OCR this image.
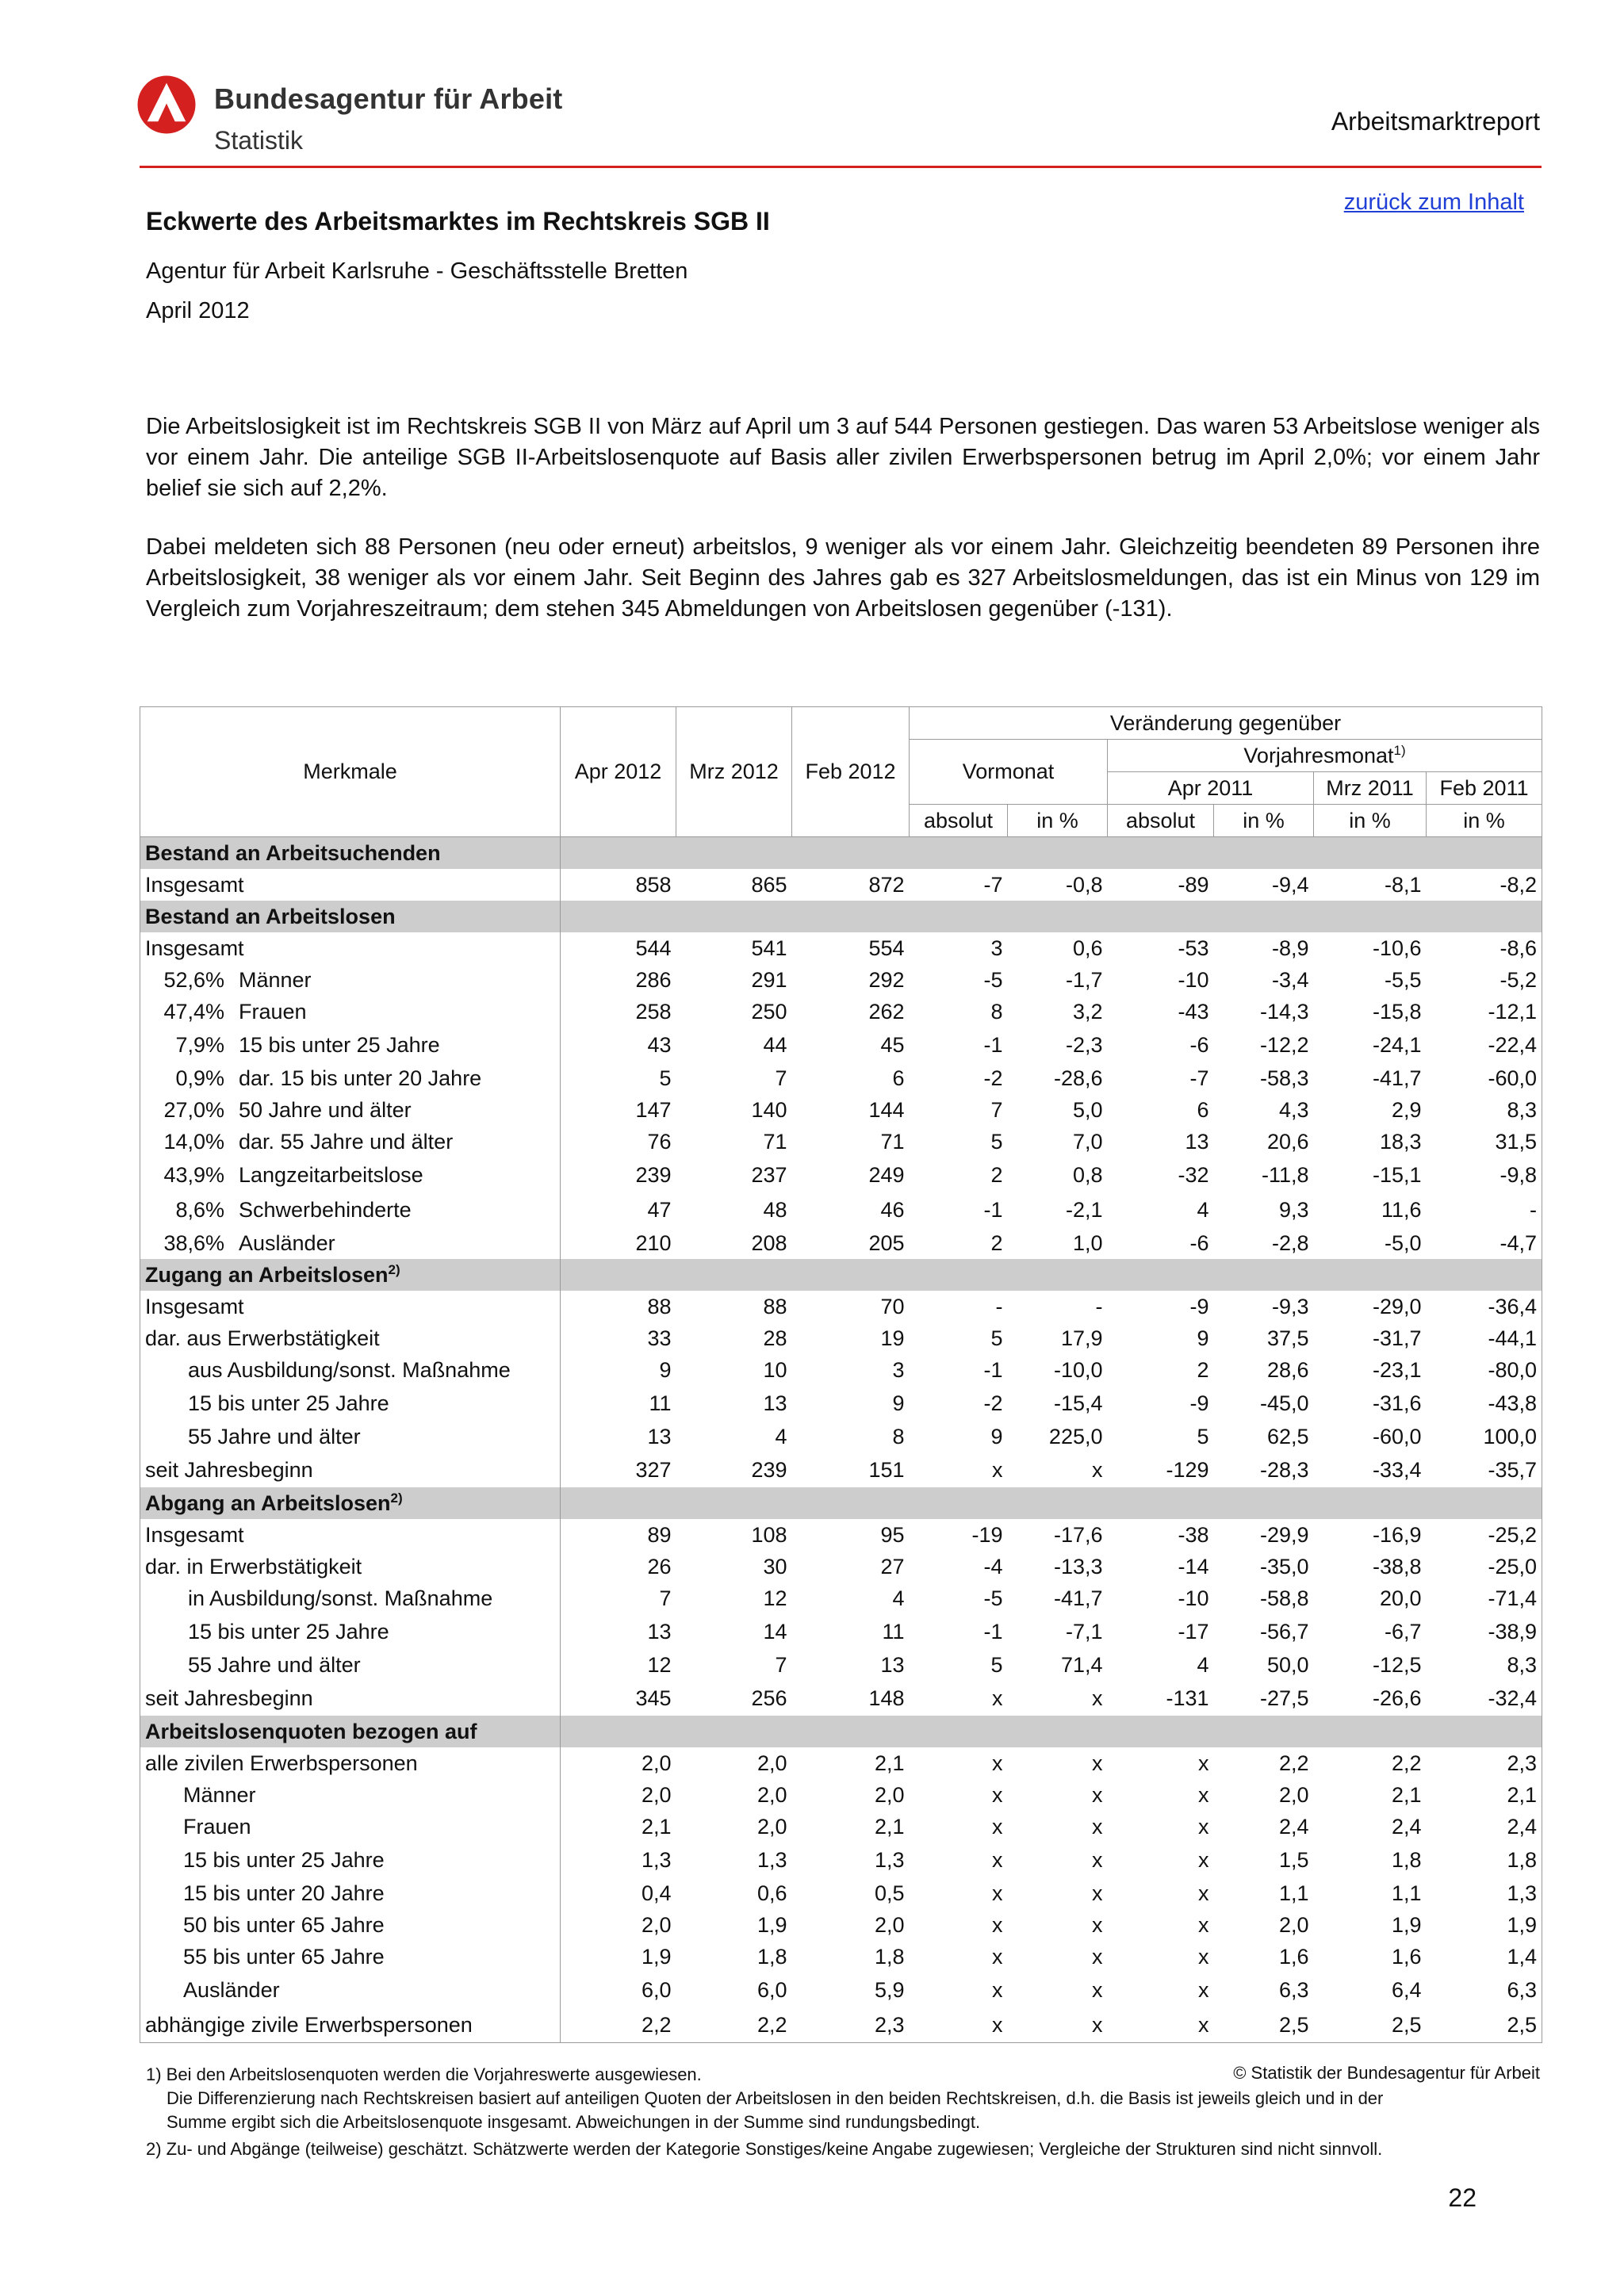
Bundesagentur für Arbeit
Statistik
Arbeitsmarktreport
zurück zum Inhalt
Eckwerte des Arbeitsmarktes im Rechtskreis SGB II
Agentur für Arbeit Karlsruhe - Geschäftsstelle Bretten
April 2012

Die Arbeitslosigkeit ist im Rechtskreis SGB II von März auf April um 3 auf 544 Personen gestiegen. Das waren 53 Arbeitslose weniger als vor einem Jahr. Die anteilige SGB II-Arbeitslosenquote auf Basis aller zivilen Erwerbspersonen betrug im April 2,0%; vor einem Jahr belief sie sich auf 2,2%.

Dabei meldeten sich 88 Personen (neu oder erneut) arbeitslos, 9 weniger als vor einem Jahr. Gleichzeitig beendeten 89 Personen ihre Arbeitslosigkeit, 38 weniger als vor einem Jahr. Seit Beginn des Jahres gab es 327 Arbeitslosmeldungen, das ist ein Minus von 129 im Vergleich zum Vorjahreszeitraum; dem stehen 345 Abmeldungen von Arbeitslosen gegenüber (-131).

Merkmale	Apr 2012	Mrz 2012	Feb 2012	Veränderung gegenüber					
				Vormonat		Vorjahresmonat$^{1)}$
						Apr 2011		Mrz 2011	Feb 2011
				absolut	in %	absolut	in %	in %	in %
Bestand an Arbeitsuchenden									

Insgesamt	858	865	872	-7	-0,8	-89	-9,4	-8,1	-8,2
Bestand an Arbeitslosen									

Insgesamt	544	541	554	3	0,6	-53	-8,9	-10,6	-8,6

52,6% Männer	286	291	292	-5	-1,7	-10	-3,4	-5,5	-5,2

47,4% Frauen	258	250	262	8	3,2	-43	-14,3	-15,8	-12,1

7,9% 15 bis unter 25 Jahre	43	44	45	-1	-2,3	-6	-12,2	-24,1	-22,4

0,9% dar. 15 bis unter 20 Jahre	5	7	6	-2	-28,6	-7	-58,3	-41,7	-60,0

27,0% 50 Jahre und älter	147	140	144	7	5,0	6	4,3	2,9	8,3

14,0% dar. 55 Jahre und älter	76	71	71	5	7,0	13	20,6	18,3	31,5

43,9% Langzeitarbeitslose	239	237	249	2	0,8	-32	-11,8	-15,1	-9,8

8,6% Schwerbehinderte	47	48	46	-1	-2,1	4	9,3	11,6	-

38,6% Ausländer	210	208	205	2	1,0	-6	-2,8	-5,0	-4,7
Zugang an Arbeitslosen$^{2)}$	

Insgesamt	88	88	70	-	-	-9	-9,3	-29,0	-36,4

dar. aus Erwerbstätigkeit	33	28	19	5	17,9	9	37,5	-31,7	-44,1

aus Ausbildung/sonst. Maßnahme	9	10	3	-1	-10,0	2	28,6	-23,1	-80,0

15 bis unter 25 Jahre	11	13	9	-2	-15,4	-9	-45,0	-31,6	-43,8

55 Jahre und älter	13	4	8	9	225,0	5	62,5	-60,0	100,0

seit Jahresbeginn	327	239	151	x	x	-129	-28,3	-33,4	-35,7
Abgang an Arbeitslosen$^{2)}$	

Insgesamt	89	108	95	-19	-17,6	-38	-29,9	-16,9	-25,2

dar. in Erwerbstätigkeit	26	30	27	-4	-13,3	-14	-35,0	-38,8	-25,0

in Ausbildung/sonst. Maßnahme	7	12	4	-5	-41,7	-10	-58,8	20,0	-71,4

15 bis unter 25 Jahre	13	14	11	-1	-7,1	-17	-56,7	-6,7	-38,9

55 Jahre und älter	12	7	13	5	71,4	4	50,0	-12,5	8,3

seit Jahresbeginn	345	256	148	x	x	-131	-27,5	-26,6	-32,4
Arbeitslosenquoten bezogen auf									

alle zivilen Erwerbspersonen	2,0	2,0	2,1	x	x	x	2,2	2,2	2,3

Männer	2,0	2,0	2,0	x	x	x	2,0	2,1	2,1

Frauen	2,1	2,0	2,1	x	x	x	2,4	2,4	2,4

15 bis unter 25 Jahre	1,3	1,3	1,3	x	x	x	1,5	1,8	1,8

15 bis unter 20 Jahre	0,4	0,6	0,5	x	x	x	1,1	1,1	1,3

50 bis unter 65 Jahre	2,0	1,9	2,0	x	x	x	2,0	1,9	1,9

55 bis unter 65 Jahre	1,9	1,8	1,8	x	x	x	1,6	1,6	1,4

Ausländer	6,0	6,0	5,9	x	x	x	6,3	6,4	6,3

abhängige zivile Erwerbspersonen	2,2	2,2	2,3	x	x	x	2,5	2,5	2,5
1) Bei den Arbeitslosenquoten werden die Vorjahreswerte ausgewiesen.	© Statistik der Bundesagentur für Arbeit
Die Differenzierung nach Rechtskreisen basiert auf anteiligen Quoten der Arbeitslosen in den beiden Rechtskreisen, d.h. die Basis ist jeweils gleich und in der
Summe ergibt sich die Arbeitslosenquote insgesamt. Abweichungen in der Summe sind rundungsbedingt.
2) Zu- und Abgänge (teilweise) geschätzt. Schätzwerte werden der Kategorie Sonstiges/keine Angabe zugewiesen; Vergleiche der Strukturen sind nicht sinnvoll.
22
